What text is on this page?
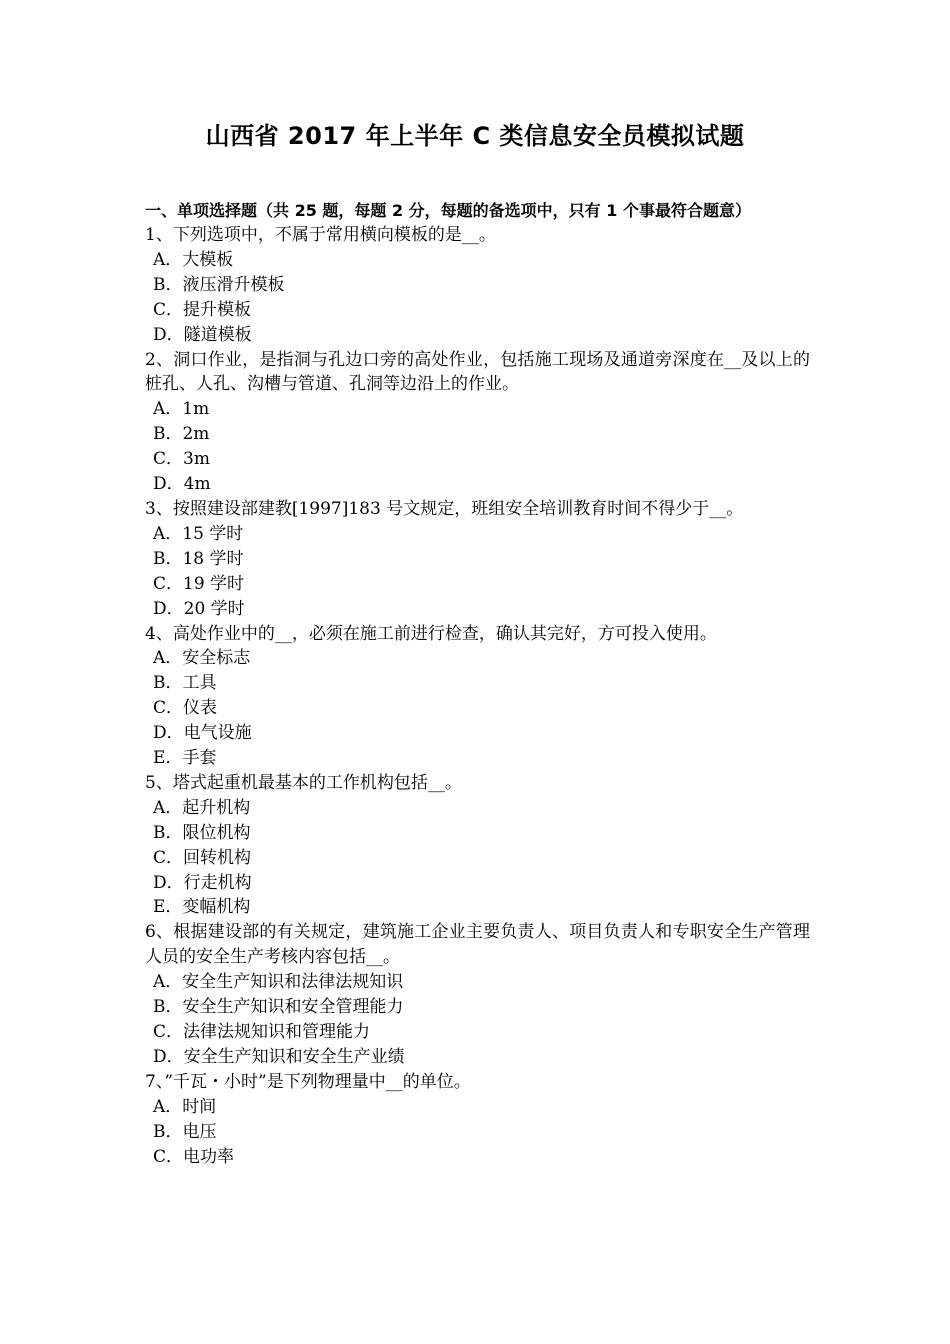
山西省 2017 年上半年 C 类信息安全员模拟试题

一、单项选择题（共 25 题，每题 2 分，每题的备选项中，只有 1 个事最符合题意）

1、下列选项中，不属于常用横向模板的是__。

A．大模板

B．液压滑升模板

C．提升模板

D．隧道模板

2、洞口作业，是指洞与孔边口旁的高处作业，包括施工现场及通道旁深度在__及以上的桩孔、人孔、沟槽与管道、孔洞等边沿上的作业。

A．1m

B．2m

C．3m

D．4m

3、按照建设部建教[1997]183 号文规定，班组安全培训教育时间不得少于__。

A．15 学时

B．18 学时

C．19 学时

D．20 学时

4、高处作业中的__，必须在施工前进行检查，确认其完好，方可投入使用。

A．安全标志

B．工具

C．仪表

D．电气设施

E．手套

5、塔式起重机最基本的工作机构包括__。

A．起升机构

B．限位机构

C．回转机构

D．行走机构

E．变幅机构

6、根据建设部的有关规定，建筑施工企业主要负责人、项目负责人和专职安全生产管理人员的安全生产考核内容包括__。

A．安全生产知识和法律法规知识

B．安全生产知识和安全管理能力

C．法律法规知识和管理能力

D．安全生产知识和安全生产业绩

7、”千瓦・小时”是下列物理量中__的单位。

A．时间

B．电压

C．电功率
